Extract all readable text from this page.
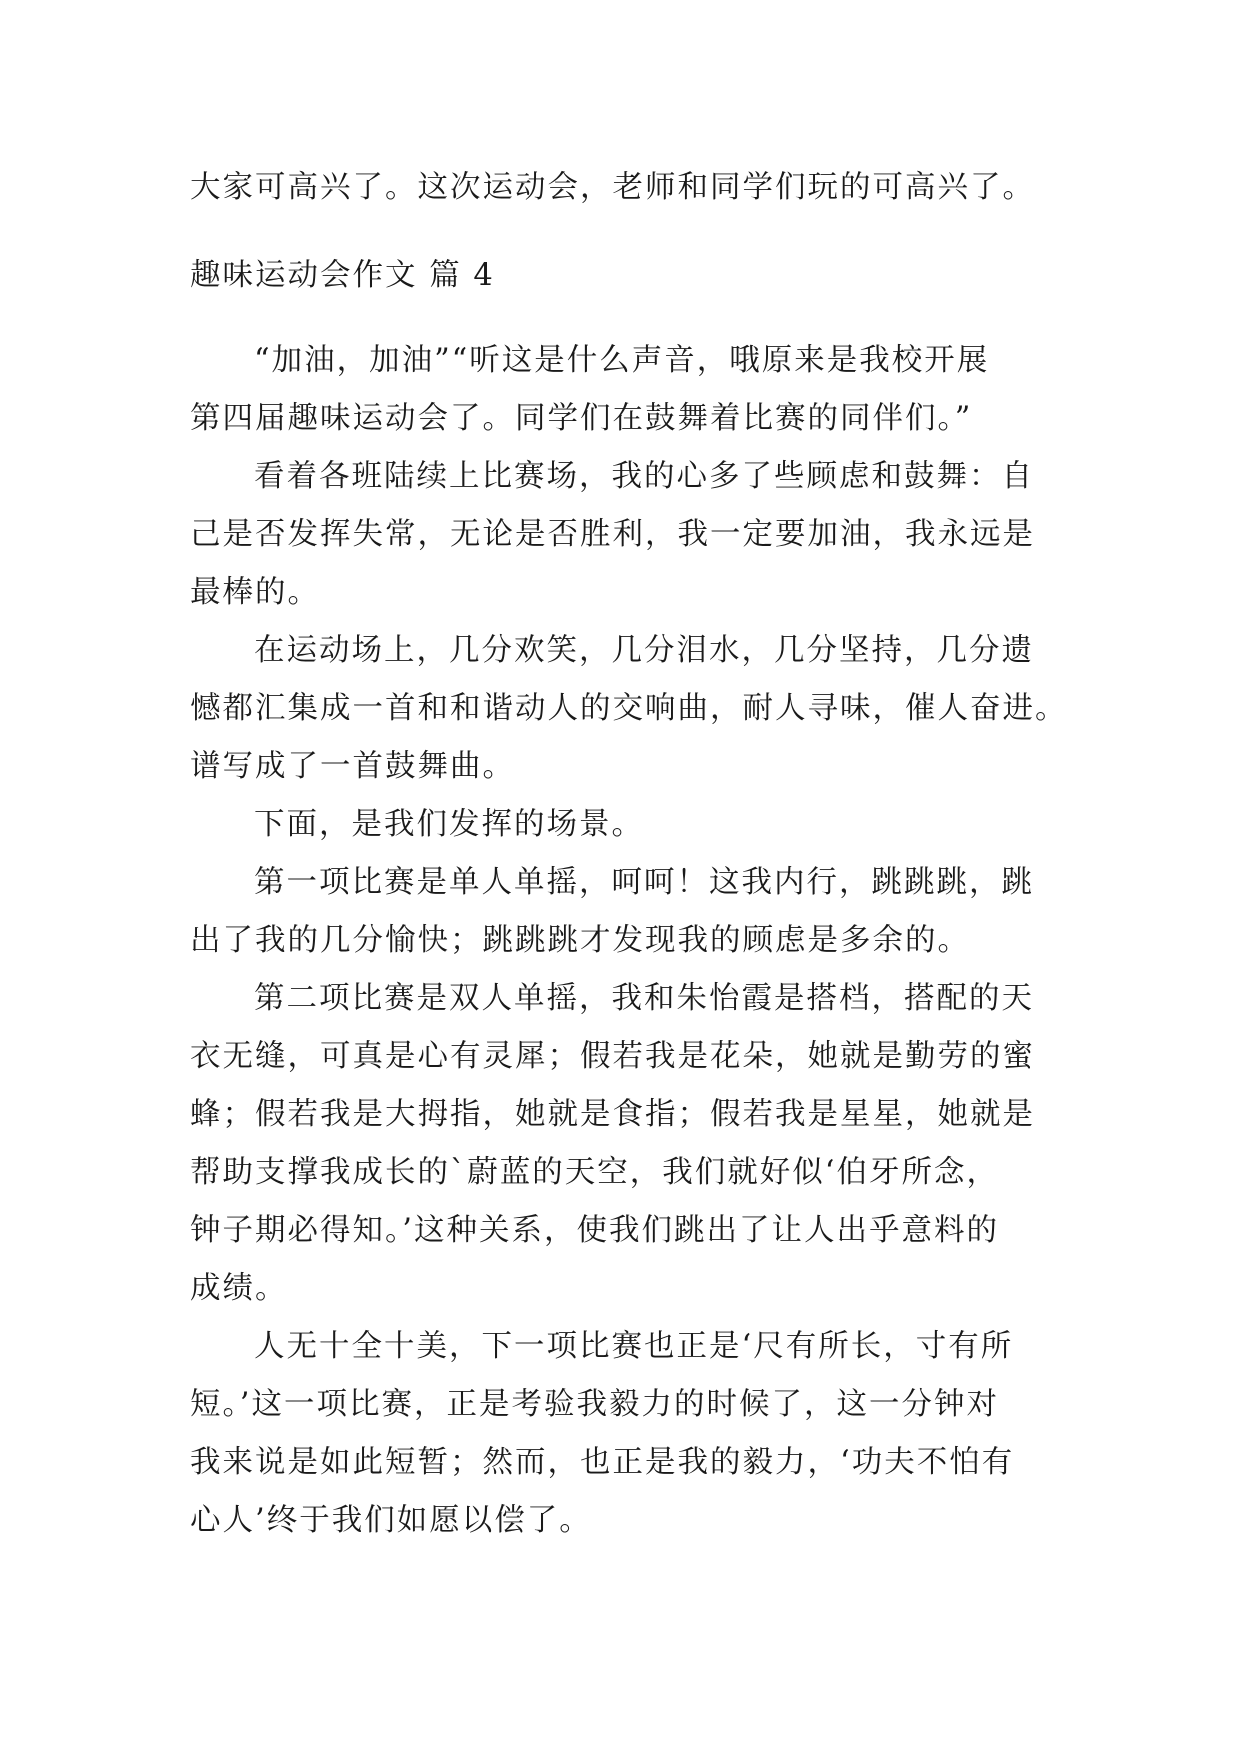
大家可高兴了。这次运动会，老师和同学们玩的可高兴了。
趣味运动会作文 篇 4
“加油，加油”“听这是什么声音，哦原来是我校开展
第四届趣味运动会了。同学们在鼓舞着比赛的同伴们。”
看着各班陆续上比赛场，我的心多了些顾虑和鼓舞：自
己是否发挥失常，无论是否胜利，我一定要加油，我永远是
最棒的。
在运动场上，几分欢笑，几分泪水，几分坚持，几分遗
憾都汇集成一首和和谐动人的交响曲，耐人寻味，催人奋进。
谱写成了一首鼓舞曲。
下面，是我们发挥的场景。
第一项比赛是单人单摇，呵呵！这我内行，跳跳跳，跳
出了我的几分愉快；跳跳跳才发现我的顾虑是多余的。
第二项比赛是双人单摇，我和朱怡霞是搭档，搭配的天
衣无缝，可真是心有灵犀；假若我是花朵，她就是勤劳的蜜
蜂；假若我是大拇指，她就是食指；假若我是星星，她就是
帮助支撑我成长的`蔚蓝的天空，我们就好似‘伯牙所念，
钟子期必得知。’这种关系，使我们跳出了让人出乎意料的
成绩。
人无十全十美，下一项比赛也正是‘尺有所长，寸有所
短。’这一项比赛，正是考验我毅力的时候了，这一分钟对
我来说是如此短暂；然而，也正是我的毅力，‘功夫不怕有
心人’终于我们如愿以偿了。
